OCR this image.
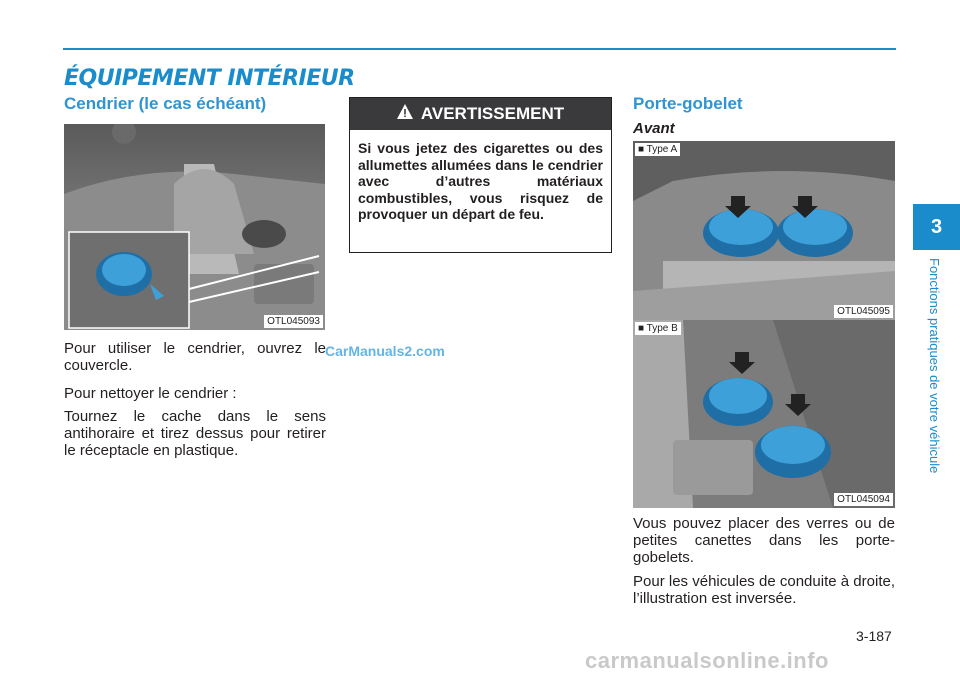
ÉQUIPEMENT INTÉRIEUR
Cendrier (le cas échéant)
OTL045093

Pour utiliser le cendrier, ouvrez le couvercle.

Pour nettoyer le cendrier :

Tournez le cache dans le sens antihoraire et tirez dessus pour retirer le réceptacle en plastique.

AVERTISSEMENT
Si vous jetez des cigarettes ou des allumettes allumées dans le cendrier avec d’autres matériaux combustibles, vous risquez de provoquer un départ de feu.
Porte-gobelet
Avant
■ Type A
OTL045095
■ Type B
OTL045094

Vous pouvez placer des verres ou de petites canettes dans les porte-gobelets.

Pour les véhicules de conduite à droite, l’illustration est inversée.

3
Fonctions pratiques de votre véhicule
3-187
CarManuals2.com
carmanualsonline.info
